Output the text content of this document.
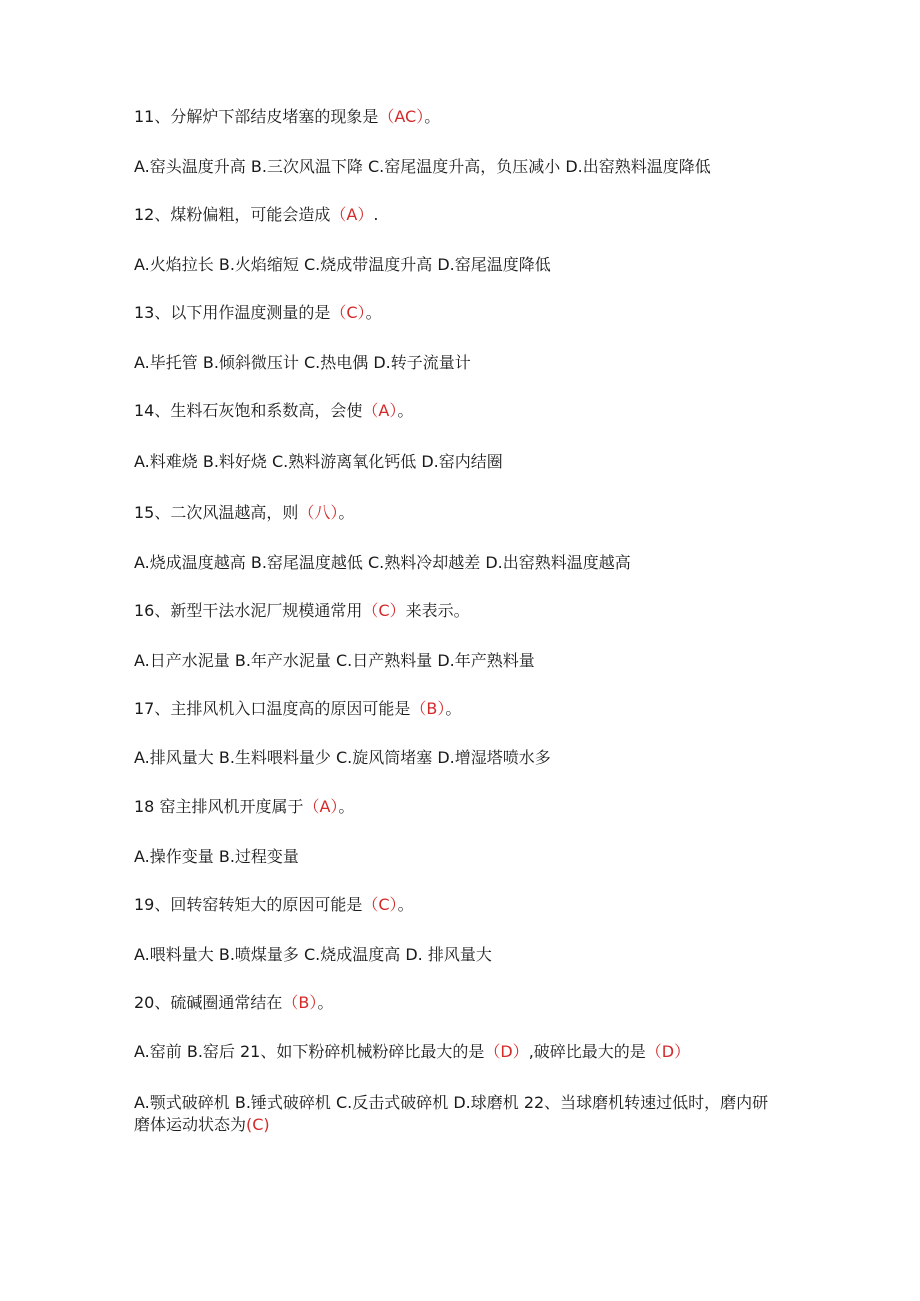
11、分解炉下部结皮堵塞的现象是（AC）。
A.窑头温度升高 B.三次风温下降 C.窑尾温度升高，负压减小 D.出窑熟料温度降低
12、煤粉偏粗，可能会造成（A）.
A.火焰拉长 B.火焰缩短 C.烧成带温度升高 D.窑尾温度降低
13、以下用作温度测量的是（C）。
A.毕托管 B.倾斜微压计 C.热电偶 D.转子流量计
14、生料石灰饱和系数高，会使（A）。
A.料难烧 B.料好烧 C.熟料游离氧化钙低 D.窑内结圈
15、二次风温越高，则（八）。
A.烧成温度越高 B.窑尾温度越低 C.熟料冷却越差 D.出窑熟料温度越高
16、新型干法水泥厂规模通常用（C）来表示。
A.日产水泥量 B.年产水泥量 C.日产熟料量 D.年产熟料量
17、主排风机入口温度高的原因可能是（B）。
A.排风量大 B.生料喂料量少 C.旋风筒堵塞 D.增湿塔喷水多
18 窑主排风机开度属于（A）。
A.操作变量 B.过程变量
19、回转窑转矩大的原因可能是（C）。
A.喂料量大 B.喷煤量多 C.烧成温度高 D. 排风量大
20、硫碱圈通常结在（B）。
A.窑前 B.窑后 21、如下粉碎机械粉碎比最大的是（D）,破碎比最大的是（D）
A.颚式破碎机 B.锤式破碎机 C.反击式破碎机 D.球磨机 22、当球磨机转速过低时，磨内研磨体运动状态为(C)
